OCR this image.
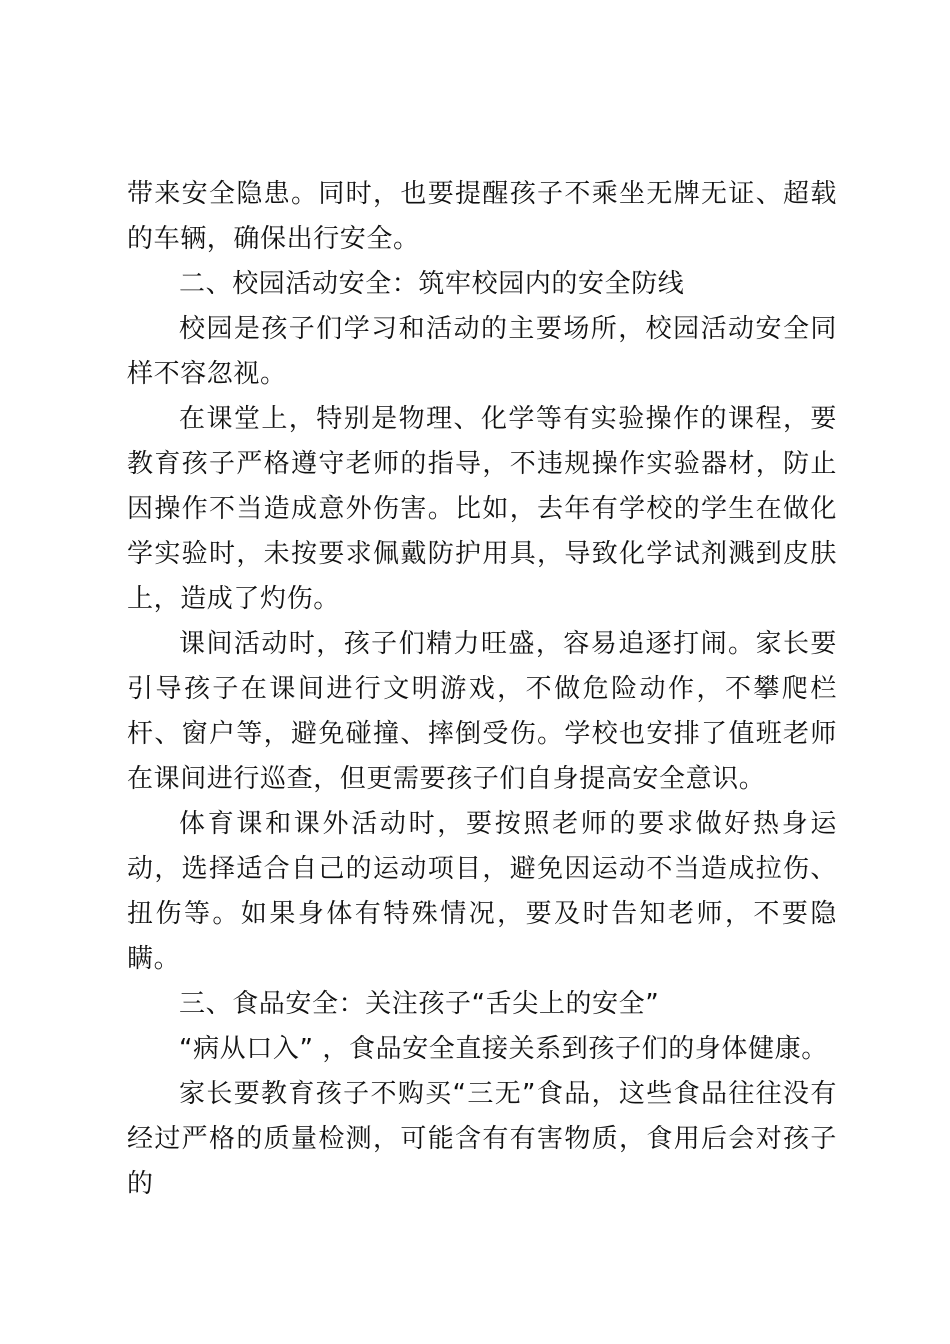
带来安全隐患。同时，也要提醒孩子不乘坐无牌无证、超载的车辆，确保出行安全。

二、校园活动安全：筑牢校园内的安全防线

校园是孩子们学习和活动的主要场所，校园活动安全同样不容忽视。

在课堂上，特别是物理、化学等有实验操作的课程，要教育孩子严格遵守老师的指导，不违规操作实验器材，防止因操作不当造成意外伤害。比如，去年有学校的学生在做化学实验时，未按要求佩戴防护用具，导致化学试剂溅到皮肤上，造成了灼伤。

课间活动时，孩子们精力旺盛，容易追逐打闹。家长要引导孩子在课间进行文明游戏，不做危险动作，不攀爬栏杆、窗户等，避免碰撞、摔倒受伤。学校也安排了值班老师在课间进行巡查，但更需要孩子们自身提高安全意识。

体育课和课外活动时，要按照老师的要求做好热身运动，选择适合自己的运动项目，避免因运动不当造成拉伤、扭伤等。如果身体有特殊情况，要及时告知老师，不要隐瞒。

三、食品安全：关注孩子“舌尖上的安全”

“病从口入” ，食品安全直接关系到孩子们的身体健康。

家长要教育孩子不购买“三无”食品，这些食品往往没有经过严格的质量检测，可能含有有害物质，食用后会对孩子的
